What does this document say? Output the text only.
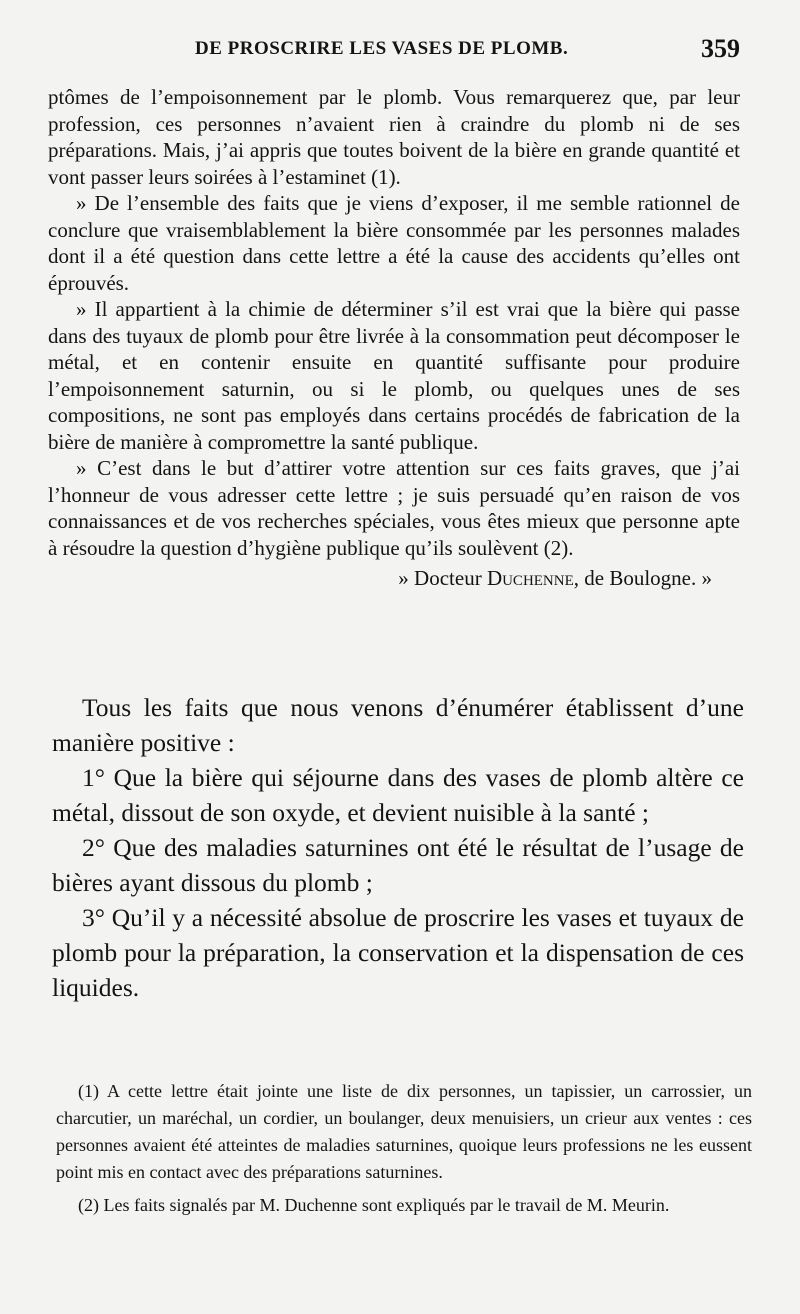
DE PROSCRIRE LES VASES DE PLOMB.	359

ptômes de l’empoisonnement par le plomb. Vous remarquerez que, par leur profession, ces personnes n’avaient rien à craindre du plomb ni de ses préparations. Mais, j’ai appris que toutes boivent de la bière en grande quantité et vont passer leurs soirées à l’estaminet (1).

» De l’ensemble des faits que je viens d’exposer, il me semble rationnel de conclure que vraisemblablement la bière consommée par les personnes malades dont il a été question dans cette lettre a été la cause des accidents qu’elles ont éprouvés.

» Il appartient à la chimie de déterminer s’il est vrai que la bière qui passe dans des tuyaux de plomb pour être livrée à la consommation peut décomposer le métal, et en contenir ensuite en quantité suffisante pour produire l’empoisonnement saturnin, ou si le plomb, ou quelques unes de ses compositions, ne sont pas employés dans certains procédés de fabrication de la bière de manière à compromettre la santé publique.

» C’est dans le but d’attirer votre attention sur ces faits graves, que j’ai l’honneur de vous adresser cette lettre ; je suis persuadé qu’en raison de vos connaissances et de vos recherches spéciales, vous êtes mieux que personne apte à résoudre la question d’hygiène publique qu’ils soulèvent (2).

» Docteur Duchenne, de Boulogne. »

Tous les faits que nous venons d’énumérer établissent d’une manière positive :

1° Que la bière qui séjourne dans des vases de plomb altère ce métal, dissout de son oxyde, et devient nuisible à la santé ;

2° Que des maladies saturnines ont été le résultat de l’usage de bières ayant dissous du plomb ;

3° Qu’il y a nécessité absolue de proscrire les vases et tuyaux de plomb pour la préparation, la conservation et la dispensation de ces liquides.

(1) A cette lettre était jointe une liste de dix personnes, un tapissier, un carrossier, un charcutier, un maréchal, un cordier, un boulanger, deux menuisiers, un crieur aux ventes : ces personnes avaient été atteintes de maladies saturnines, quoique leurs professions ne les eussent point mis en contact avec des préparations saturnines.

(2) Les faits signalés par M. Duchenne sont expliqués par le travail de M. Meurin.
